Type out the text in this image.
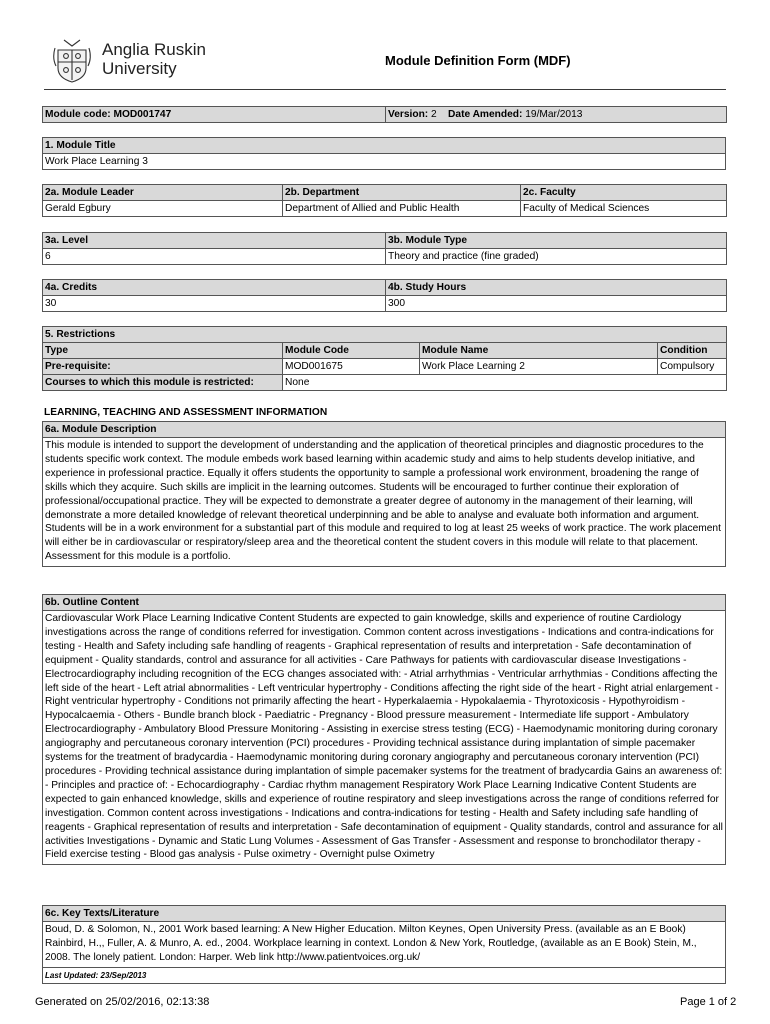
Anglia Ruskin
University	Module Definition Form (MDF)
Module code: MOD001747	Version: 2 Date Amended: 19/Mar/2013
1. Module Title
Work Place Learning 3
2a. Module Leader	2b. Department	2c. Faculty
Gerald Egbury	Department of Allied and Public Health	Faculty of Medical Sciences
3a. Level	3b. Module Type
6	Theory and practice (fine graded)
4a. Credits	4b. Study Hours
30	300
5. Restrictions			
Type	Module Code	Module Name	Condition
Pre-requisite:	MOD001675	Work Place Learning 2	Compulsory
Courses to which this module is restricted:	None		
LEARNING, TEACHING AND ASSESSMENT INFORMATION
6a. Module Description
This module is intended to support the development of understanding and the application of theoretical principles and diagnostic procedures to the students specific work context. The module embeds work based learning within academic study and aims to help students develop initiative, and experience in professional practice. Equally it offers students the opportunity to sample a professional work environment, broadening the range of skills which they acquire. Such skills are implicit in the learning outcomes. Students will be encouraged to further continue their exploration of professional/occupational practice. They will be expected to demonstrate a greater degree of autonomy in the management of their learning, will demonstrate a more detailed knowledge of relevant theoretical underpinning and be able to analyse and evaluate both information and argument. Students will be in a work environment for a substantial part of this module and required to log at least 25 weeks of work practice. The work placement will either be in cardiovascular or respiratory/sleep area and the theoretical content the student covers in this module will relate to that placement. Assessment for this module is a portfolio.
6b. Outline Content
Cardiovascular Work Place Learning Indicative Content Students are expected to gain knowledge, skills and experience of routine Cardiology investigations across the range of conditions referred for investigation. Common content across investigations - Indications and contra-indications for testing - Health and Safety including safe handling of reagents - Graphical representation of results and interpretation - Safe decontamination of equipment - Quality standards, control and assurance for all activities - Care Pathways for patients with cardiovascular disease Investigations - Electrocardiography including recognition of the ECG changes associated with: - Atrial arrhythmias - Ventricular arrhythmias - Conditions affecting the left side of the heart - Left atrial abnormalities - Left ventricular hypertrophy - Conditions affecting the right side of the heart - Right atrial enlargement - Right ventricular hypertrophy - Conditions not primarily affecting the heart - Hyperkalaemia - Hypokalaemia - Thyrotoxicosis - Hypothyroidism - Hypocalcaemia - Others - Bundle branch block - Paediatric - Pregnancy - Blood pressure measurement - Intermediate life support - Ambulatory Electrocardiography - Ambulatory Blood Pressure Monitoring - Assisting in exercise stress testing (ECG) - Haemodynamic monitoring during coronary angiography and percutaneous coronary intervention (PCI) procedures - Providing technical assistance during implantation of simple pacemaker systems for the treatment of bradycardia - Haemodynamic monitoring during coronary angiography and percutaneous coronary intervention (PCI) procedures - Providing technical assistance during implantation of simple pacemaker systems for the treatment of bradycardia Gains an awareness of: - Principles and practice of: - Echocardiography - Cardiac rhythm management Respiratory Work Place Learning Indicative Content Students are expected to gain enhanced knowledge, skills and experience of routine respiratory and sleep investigations across the range of conditions referred for investigation. Common content across investigations - Indications and contra-indications for testing - Health and Safety including safe handling of reagents - Graphical representation of results and interpretation - Safe decontamination of equipment - Quality standards, control and assurance for all activities Investigations - Dynamic and Static Lung Volumes - Assessment of Gas Transfer - Assessment and response to bronchodilator therapy - Field exercise testing - Blood gas analysis - Pulse oximetry - Overnight pulse Oximetry
6c. Key Texts/Literature
Boud, D. & Solomon, N., 2001 Work based learning: A New Higher Education. Milton Keynes, Open University Press. (available as an E Book) Rainbird, H.,, Fuller, A. & Munro, A. ed., 2004. Workplace learning in context. London & New York, Routledge, (available as an E Book) Stein, M., 2008. The lonely patient. London: Harper. Web link http://www.patientvoices.org.uk/
Last Updated: 23/Sep/2013
Generated on 25/02/2016, 02:13:38	Page 1 of 2
